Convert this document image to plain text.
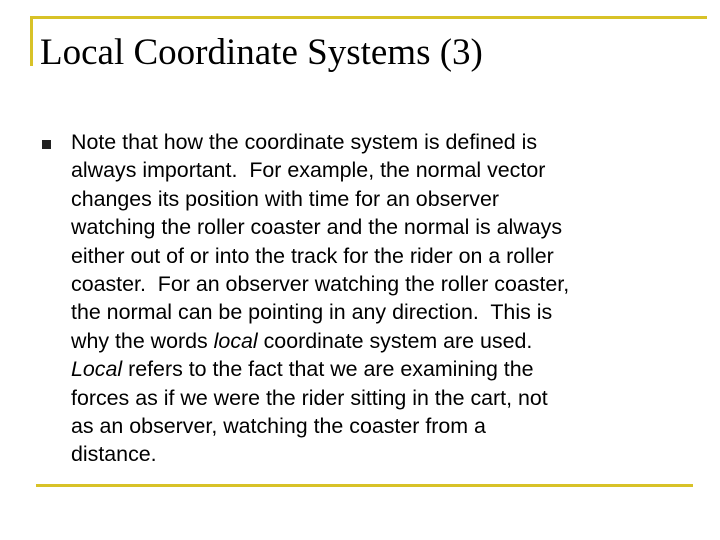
Local Coordinate Systems (3)

Note that how the coordinate system is defined is
always important.  For example, the normal vector
changes its position with time for an observer
watching the roller coaster and the normal is always
either out of or into the track for the rider on a roller
coaster.  For an observer watching the roller coaster,
the normal can be pointing in any direction.  This is
why the words local coordinate system are used.
Local refers to the fact that we are examining the
forces as if we were the rider sitting in the cart, not
as an observer, watching the coaster from a
distance.
